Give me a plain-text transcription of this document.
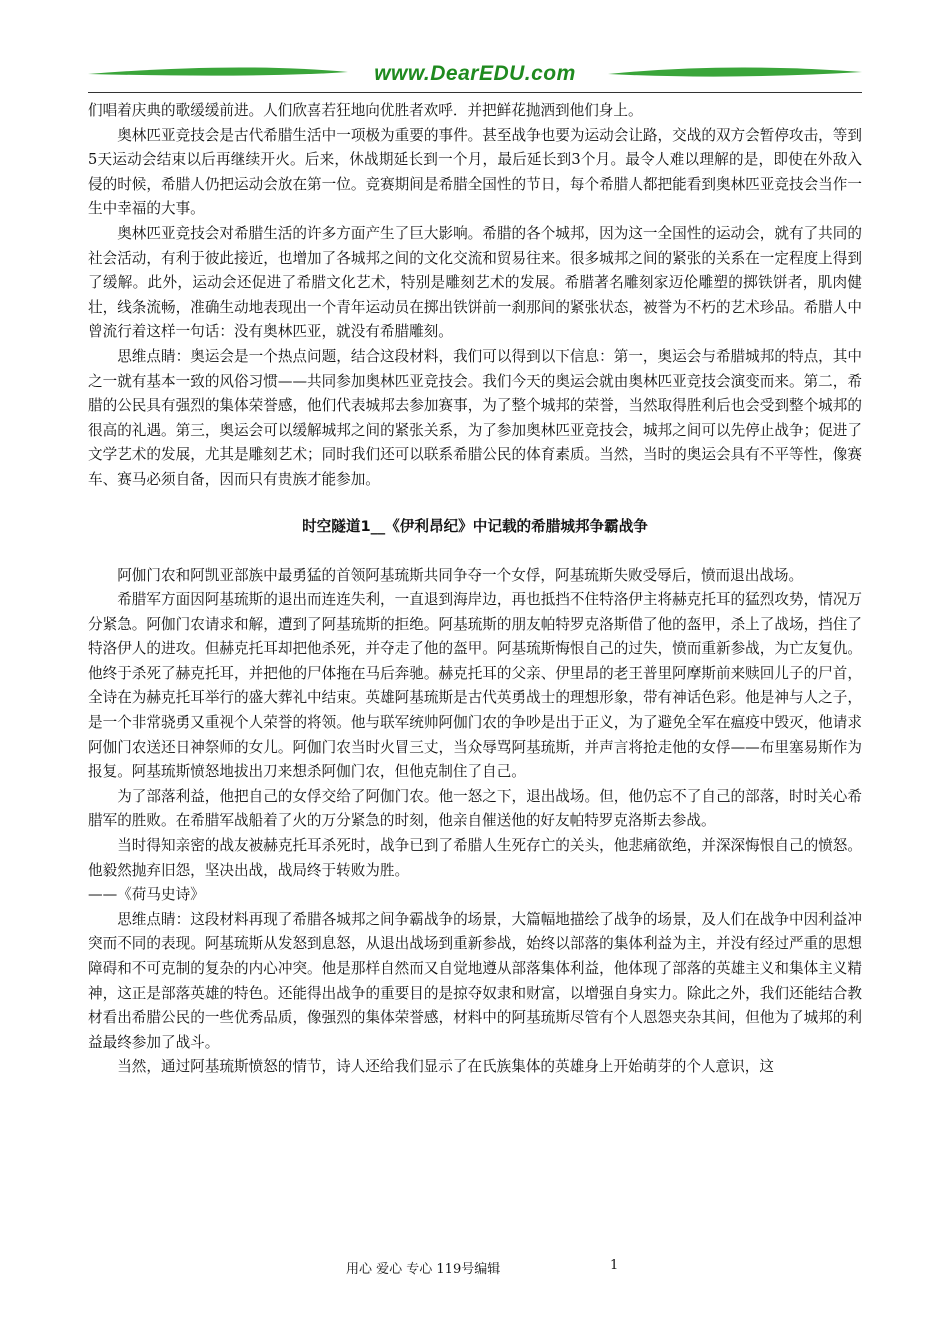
www.DearEDU.com

们唱着庆典的歌缓缓前进。人们欣喜若狂地向优胜者欢呼．并把鲜花抛洒到他们身上。

奥林匹亚竞技会是古代希腊生活中一项极为重要的事件。甚至战争也要为运动会让路，交战的双方会暂停攻击，等到5天运动会结束以后再继续开火。后来，休战期延长到一个月，最后延长到3个月。最令人难以理解的是，即使在外敌入侵的时候，希腊人仍把运动会放在第一位。竞赛期间是希腊全国性的节日，每个希腊人都把能看到奥林匹亚竞技会当作一生中幸福的大事。

奥林匹亚竞技会对希腊生活的许多方面产生了巨大影响。希腊的各个城邦，因为这一全国性的运动会，就有了共同的社会活动，有利于彼此接近，也增加了各城邦之间的文化交流和贸易往来。很多城邦之间的紧张的关系在一定程度上得到了缓解。此外，运动会还促进了希腊文化艺术，特别是雕刻艺术的发展。希腊著名雕刻家迈伦雕塑的掷铁饼者，肌肉健壮，线条流畅，准确生动地表现出一个青年运动员在掷出铁饼前一刹那间的紧张状态，被誉为不朽的艺术珍品。希腊人中曾流行着这样一句话：没有奥林匹亚，就没有希腊雕刻。

思维点睛：奥运会是一个热点问题，结合这段材料，我们可以得到以下信息：第一，奥运会与希腊城邦的特点，其中之一就有基本一致的风俗习惯——共同参加奥林匹亚竞技会。我们今天的奥运会就由奥林匹亚竞技会演变而来。第二，希腊的公民具有强烈的集体荣誉感，他们代表城邦去参加赛事，为了整个城邦的荣誉，当然取得胜利后也会受到整个城邦的很高的礼遇。第三，奥运会可以缓解城邦之间的紧张关系，为了参加奥林匹亚竞技会，城邦之间可以先停止战争；促进了文学艺术的发展，尤其是雕刻艺术；同时我们还可以联系希腊公民的体育素质。当然，当时的奥运会具有不平等性，像赛车、赛马必须自备，因而只有贵族才能参加。

时空隧道1__《伊利昂纪》中记载的希腊城邦争霸战争

阿伽门农和阿凯亚部族中最勇猛的首领阿基琉斯共同争夺一个女俘，阿基琉斯失败受辱后，愤而退出战场。

希腊军方面因阿基琉斯的退出而连连失利，一直退到海岸边，再也抵挡不住特洛伊主将赫克托耳的猛烈攻势，情况万分紧急。阿伽门农请求和解，遭到了阿基琉斯的拒绝。阿基琉斯的朋友帕特罗克洛斯借了他的盔甲，杀上了战场，挡住了特洛伊人的进攻。但赫克托耳却把他杀死，并夺走了他的盔甲。阿基琉斯悔恨自己的过失，愤而重新参战，为亡友复仇。他终于杀死了赫克托耳，并把他的尸体拖在马后奔驰。赫克托耳的父亲、伊里昂的老王普里阿摩斯前来赎回儿子的尸首，全诗在为赫克托耳举行的盛大葬礼中结束。英雄阿基琉斯是古代英勇战士的理想形象，带有神话色彩。他是神与人之子，是一个非常骁勇又重视个人荣誉的将领。他与联军统帅阿伽门农的争吵是出于正义，为了避免全军在瘟疫中毁灭，他请求阿伽门农送还日神祭师的女儿。阿伽门农当时火冒三丈，当众辱骂阿基琉斯，并声言将抢走他的女俘——布里塞易斯作为报复。阿基琉斯愤怒地拔出刀来想杀阿伽门农，但他克制住了自己。

为了部落利益，他把自己的女俘交给了阿伽门农。他一怒之下，退出战场。但，他仍忘不了自己的部落，时时关心希腊军的胜败。在希腊军战船着了火的万分紧急的时刻，他亲自催送他的好友帕特罗克洛斯去参战。

当时得知亲密的战友被赫克托耳杀死时，战争已到了希腊人生死存亡的关头，他悲痛欲绝，并深深悔恨自己的愤怒。他毅然抛弃旧怨，坚决出战，战局终于转败为胜。

——《荷马史诗》

思维点睛：这段材料再现了希腊各城邦之间争霸战争的场景，大篇幅地描绘了战争的场景，及人们在战争中因利益冲突而不同的表现。阿基琉斯从发怒到息怒，从退出战场到重新参战，始终以部落的集体利益为主，并没有经过严重的思想障碍和不可克制的复杂的内心冲突。他是那样自然而又自觉地遵从部落集体利益，他体现了部落的英雄主义和集体主义精神，这正是部落英雄的特色。还能得出战争的重要目的是掠夺奴隶和财富，以增强自身实力。除此之外，我们还能结合教材看出希腊公民的一些优秀品质，像强烈的集体荣誉感，材料中的阿基琉斯尽管有个人恩怨夹杂其间，但他为了城邦的利益最终参加了战斗。

当然，通过阿基琉斯愤怒的情节，诗人还给我们显示了在氏族集体的英雄身上开始萌芽的个人意识，这

用心 爱心 专心 119号编辑	1
